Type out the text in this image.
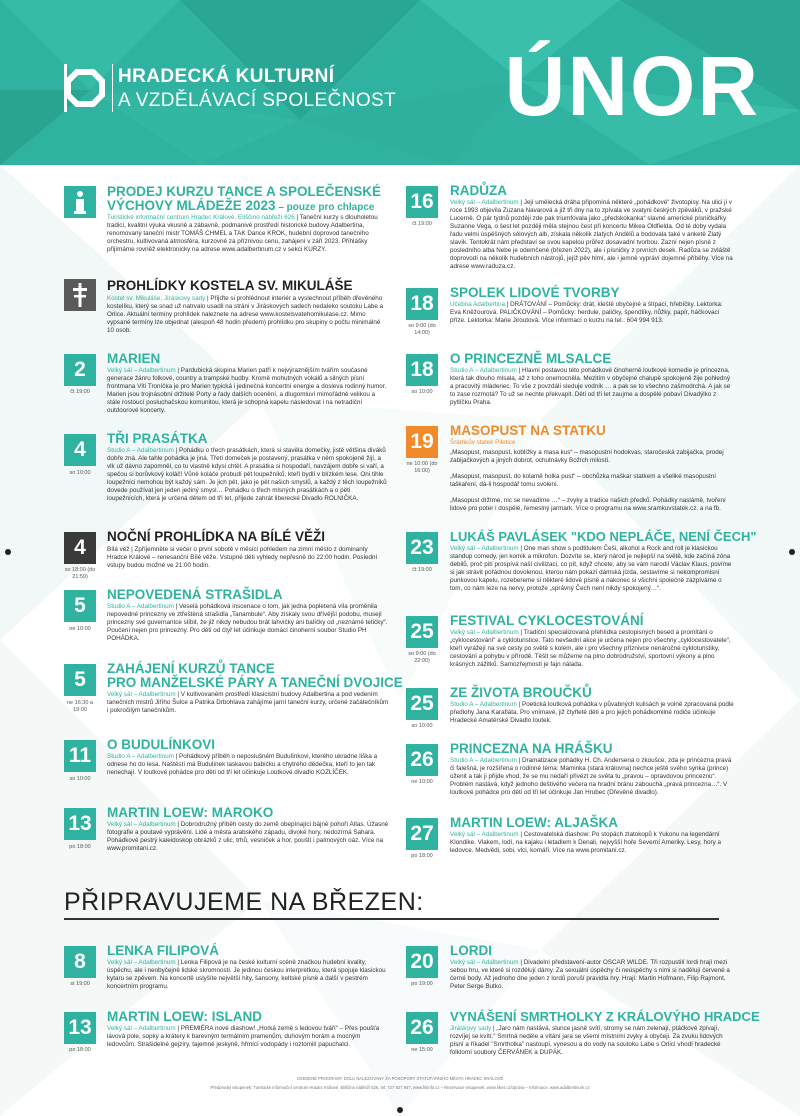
HRADECKÁ KULTURNÍ
A VZDĚLÁVACÍ SPOLEČNOST ÚNOR
PRODEJ KURZU TANCE A SPOLEČENSKÉ
VÝCHOVY MLÁDEŽE 2023 – pouze pro chlapce
Turistické informační centrum Hradec Králové, Eliščino nábřeží 626 | Taneční kurzy s dlouholetou tradicí, kvalitní výuka vkusně a zábavně, podmanivé prostředí historické budovy Adalbertina, renomovaný taneční mistr TOMÁŠ CHMEL a TAK Dance KROK, hudební doprovod tanečního orchestru, kultivovaná atmosféra, kurzovné za příznivou cenu, zahájení v září 2023. Přihlášky přijímáme rovněž elektronicky na adrese www.adalbertinum.cz v sekci KURZY.
PROHLÍDKY KOSTELA SV. MIKULÁŠE
Kostel sv. Mikuláše, Jiráskovy sady | Přijďte si prohlédnout interiér a vyslechnout příběh dřevěného kostelíku, který se snad už natrvalo usadil na stráni v Jiráskových sadech nedaleko soutoku Labe a Orlice. Aktuální termíny prohlídek naleznete na adrese www.kostelsvatehomikulase.cz. Mimo vypsané termíny lze objednat (alespoň 48 hodin předem) prohlídku pro skupiny o počtu minimálně 10 osob.
2
čt 19:00
MARIEN
Velký sál – Adalbertinum | Pardubická skupina Marien patří k nejvýraznějším tvářím současné generace žánru folkové, country a trampské hudby. Kromě mohutných vokálů a silných písní frontmana Víti Troníčka je pro Marien typická i jedinečná koncertní energie a dosleva rodinný humor. Marien jsou trojnásobní držitelé Porty a řady dalších ocenění, a dlugomluví mimořádně velikou a stále rostoucí posluchačskou komunitou, která je schopná kapelu následovat i na netradiční outdoorové koncerty.
4
so 10:00
TŘI PRASÁTKA
Studio A – Adalbertinum | Pohádku o třech prasátkách, která si stavěla domečky, jistě většina diváků dobře zná. Ale tahle pohádka je jiná. Třetí domeček je postavený, prasátka v něm spokojeně žijí, a vlk už dávno zapomněl, co tu vlastně kdysi chtěl. A prasátka si hospodaří, navzájem dobře si vaří, a spečou si borůvkový koláč! Vůně koláče probudí pět loupežníků, kteří bydlí v blízkém lese. Oni tihle loupežníci nemohou být každý sám. Je jich pět, jako je pět našich smyslů, a každý z těch loupežníků dovede používat jen jeden jediný smysl… Pohádku o třech mlsných prasátkách a o pěti loupežnících, která je určená dětem od tří let, přijede zahrát liberecké Divadlo ROLNIČKA.
4
so 18:00 (do 21:59)
NOČNÍ PROHLÍDKA NA BÍLÉ VĚŽI
Bílá věž | Zpříjemněte si večer o první sobotě v měsíci pohledem na zimní město z dominanty Hradce Králové – renesanční Bílé věže. Vstupné děti vyhledy nepřesně do 22:00 hodin. Poslední vstupy budou možné ve 21:00 hodin.
5
ne 10:00
NEPOVEDENÁ STRAŠIDLA
Studio A – Adalbertinum | Veselá pohádková inscenace o tom, jak jedna popletená víla proměnila nepovedné princezny ve ztřeštěná strašidla „Tanambule“. Aby získaly svou dřívější podobu, musejí princezny své guvernantce slíbit, že již nikdy nebudou brát lahvičky ani balíčky od „neznámé tetičky“. Poučení nejen pro princezny. Pro děti od čtyř let účinkuje domácí činoherní soubor Studio PH POHÁDKA.
5
ne 16:30 a 19:00
ZAHÁJENÍ KURZŮ TANCE
PRO MANŽELSKÉ PÁRY A TANEČNÍ DVOJICE
Velký sál – Adalbertinum | V kultivovaném prostředí klasicistní budovy Adalbertina a pod vedením tanečních mistrů Jiřího Šulce a Patrika Drbohlava zahájíme jarní taneční kurzy, určené začátečníkům i pokročilým tanečníkům.
11
so 10:00
O BUDULÍNKOVI
Studio A – Adalbertinum | Pohádkový příběh o neposlušném Budulínkovi, kterého ukradne liška a odnese ho do lesa. Naštěstí má Budulínek laskavou babičku a chytrého dědečka, kteří to jen tak nenechají. V loutkové pohádce pro děti od tří let účinkuje Loutkové divadlo KOZLÍČEK.
13
po 18:00
MARTIN LOEW: MAROKO
Velký sál – Adalbertinum | Dobrodružný příběh cesty do země obepínající bájné pohoří Atlas. Úžasné fotografie a poutavé vyprávění. Lidé a města arabského západu, divoké hory, nedozírná Sahara. Pohádkově pestrý kaleidoskop obrázků z ulic, trhů, vesniček a hor, pouští i palmových oáz. Více na www.promitani.cz.
16
čt 19:00
RADŮZA
Velký sál – Adalbertinum | Její umělecká dráha připomíná některé „pohádkové“ životopisy. Na ulici ji v roce 1993 objevila Zuzana Navarová a již tři dny na to zpívala ve svatyni českých zpěváků, v pražské Lucerně. O pár týdnů později zde pak triumfovala jako „předskokanka“ slavné americké písničkářky Suzanne Vega, o šest let později měla stejnou čest při koncertu Mikea Oldfielda. Od té doby vydala řadu velmi úspěšných sólových alb, získala několik zlatých Andělů a bodovala také v anketě Zlatý slavík. Tentokrát nám představí se svou kapelou průřez dosavadní tvorbou. Zazní nejen písně z posledního alba Nebe je odemčené (březen 2022), ale i písničky z prvních desek. Radůza se zvláště doprovodí na několik hudebních nástrojů, jejíž pěv hlmí, ale i jemně vypráví dojemné příběhy. Více na adrese www.raduza.cz.
18
so 9:00 (do 14:00)
SPOLEK LIDOVÉ TVORBY
Učebna Adalbertina | DRÁTOVÁNÍ – Pomůcky: drát, kleště obyčejné a štípací, hřebíčky. Lektorka: Eva Kněžourová. PALIČKOVÁNÍ – Pomůcky: herdule, paličky, špendlíky, nůžky, papír, háčkovací příze. Lektorka: Marie Jiroutová. Více informací o kurzu na tel.: 604 994 913.
18
so 10:00
O PRINCEZNĚ MLSALCE
Studio A – Adalbertinum | Hlavní postavou této pohádkové činoherně loutkové komedie je princezna, která tak dlouho mlsala, až z toho onemocněla. Mezitím v obyčejné chalupě spokojeně žije pohledný a pracovitý mládenec. To vše z povzdálí sleduje vodník … a pak se to všechno zašmodrchá. A jak se to zase rozmotá? To už se nechte překvapit. Děti od tří let zaujme a dospělé pobaví Divadýlko z pytlíčku Praha.
19
ne 10:00 (do 16:00)
MASOPUST NA STATKU
Šrámkův statek Piletice
„Masopust, masopust, koblížky a masa kus“ – masopustní hodokvas, staročeská zabijačka, prodej zabijačkových a jiných dobrot, ochutnávky Božích milostí.

„Masopust, masopust, do kolamě holka pust“ – obchůzka maškar statkem a všeliké masopustní taškaření, dá-li hospodář tomu svolení.

„Masopust držíme, nic se nevadíme …“ – zvyky a tradice našich předků. Pohádky naslámě, tvoření lidové pro poter i dospělé, řemeslný jarmark. Více o programu na www.sramkuvstatek.cz. a na fb.
23
čt 19:00
LUKÁŠ PAVLÁSEK "KDO NEPLÁČE, NENÍ ČECH"
Velký sál – Adalbertinum | One man show s podtitulem Češi, alkohol a Rock and roll je klasickou standup comedy, jen komik a mikrofon. Dozvíte se, který národ je nejlepší na světě, kde začíná zóna debilů, proč pití prospívá naší civilizaci, co pít, když chcete, aby se vám narodil Václav Klaus, povíme si jak strávit pořádnou dovolenou, kterou nám pokazí dámská jízda, sestavíme si nekompromisní punkovou kapelu, rozebereme si některé lidové písně a nakonec si všichni společně zazpíváme o tom, co nám leze na nervy, protože „správný Čech není nikdy spokojený…“.
25
so 9:00 (do 22:00)
FESTIVAL CYKLOCESTOVÁNÍ
Velký sál – Adalbertinum | Tradiční specializovaná přehlídka cestopisných besed a promítání o „cyklocestování“ a cykloturistice. Tato nevšední akce je určena nejen pro všechny „cyklocestovatele“, kteří vyrážejí na své cesty po světě s kolem, ale i pro všechny příznivce nenáročné cykloturistiky, cestování a pohybu v přírodě. Těšit se můžeme na plno dobrodružství, sportovní výkony a plno krásných zážitků. Samozřejmostí je fajn nálada.
25
so 10:00
ZE ŽIVOTA BROUČKŮ
Studio A – Adalbertinum | Poetická loutková pohádka v půvabných kulisách je volně zpracovaná podle předlohy Jana Karafiáta. Pro vnímavé, již čtyřleté děti a pro jejich pohádkomilné rodiče účinkuje Hradecké Amatérské Divadlo loutek.
26
ne 10:00
PRINCEZNA NA HRÁŠKU
Studio A – Adalbertinum | Dramatizace pohádky H. Ch. Andersena o zkoušce, zda je princezna pravá či falešná, je rozšířena o rodinné téma: Maminka (stará královna) nechce ještě svého synka (prince) oženit a tak ji přijde vhod, že se mu nedaří přivézt ze světa tu „pravou – opravdovou princeznu“. Problém nastává, když jednoho deštivého večera na hradní bránu zabouchá „pravá princezna…“. V loutkové pohádce pro děti od tří let účinkuje Jan Hrubec (Dřevěné divadlo).
27
po 18:00
MARTIN LOEW: ALJAŠKA
Velký sál – Adalbertinum | Cestovatelská diashow: Po stopách zlatokopů k Yukonu na legendární Klondike. Vlakem, lodí, na kajaku i letadlem k Denali, nejvyšší hoře Severní Ameriky. Lesy, hory a ledovce. Medvědi, sobi, vlci, komáři. Více na www.promitani.cz.
PŘIPRAVUJEME NA BŘEZEN:
8
st 19:00
LENKA FILIPOVÁ
Velký sál – Adalbertinum | Lenka Filipová je na české kulturní scéně značkou hudební kvality, úspěchu, ale i neobyčejně lidské skromnosti. Je jedinou českou interpretkou, která spojuje klasickou kytaru se zpěvem. Na koncertě uslyšíte největší hity, šansony, keltské písně a další v pestrém koncertním programu.
13
po 18:00
MARTIN LOEW: ISLAND
Velký sál – Adalbertinum | PREMIÉRA nové diashow! „Horká země s ledovou tváří“ – Přes poušťa lávová pole, sopky a krátery k barevným termálním pramenům, duhovým horám a mocným ledovcům. Strašidelné gejzíry, tajemné jeskyně, hřmící vodopády i roztomilí papuchalci.
20
po 19:00
LORDI
Velký sál – Adalbertinum | Divadelní představení-autor OSCAR WILDE. Tři rozpustilí lordi hrají mezi sebou hru, ve které si rozdělují dámy. Za sexuální úspěchy či neúspěchy s nimi si nadělují červené a černé body. Až jednoho dne jeden z lordů poruší pravidla hry. Hrají: Martin Hofmann, Filip Rajmont, Peter Serge Butko.
26
ne 15:00
VYNÁŠENÍ SMRTHOLKY Z KRÁLOVÝHO HRADCE
Jiráskovy sady | „Jaro nám nastává, slunce jasně svítí, stromy se nám zelenají, ptáčkové zpívají, rozvíjej se kvítí.“ Smrtná neděle a vítání jara se všemi místními zvyky a obyčeji. Za zvuku lidových písní a říkadel "Smrtholka" nastoupí, vynesou a do vody na soutoku Labe s Orlicí vhodí hradecké folklorní soubory ČERVÁNEK a DUPÁK.
UVEDENÉ PROGRAMY DOLU NALEZOVANY ZA POSOPORY STATUTÁRNÍHO MĚSTA HRADEC KRÁLOVÉ
Předprodej vstupenek: Turistické informační centrum Hradec Králové, Eliščino nábřeží 626, tel: 727 927 947, www.hkinfo.cz – Rezervace vstupenek: www.hkvs.cz/zpráva – Informace: www.adalbertinum.cz
